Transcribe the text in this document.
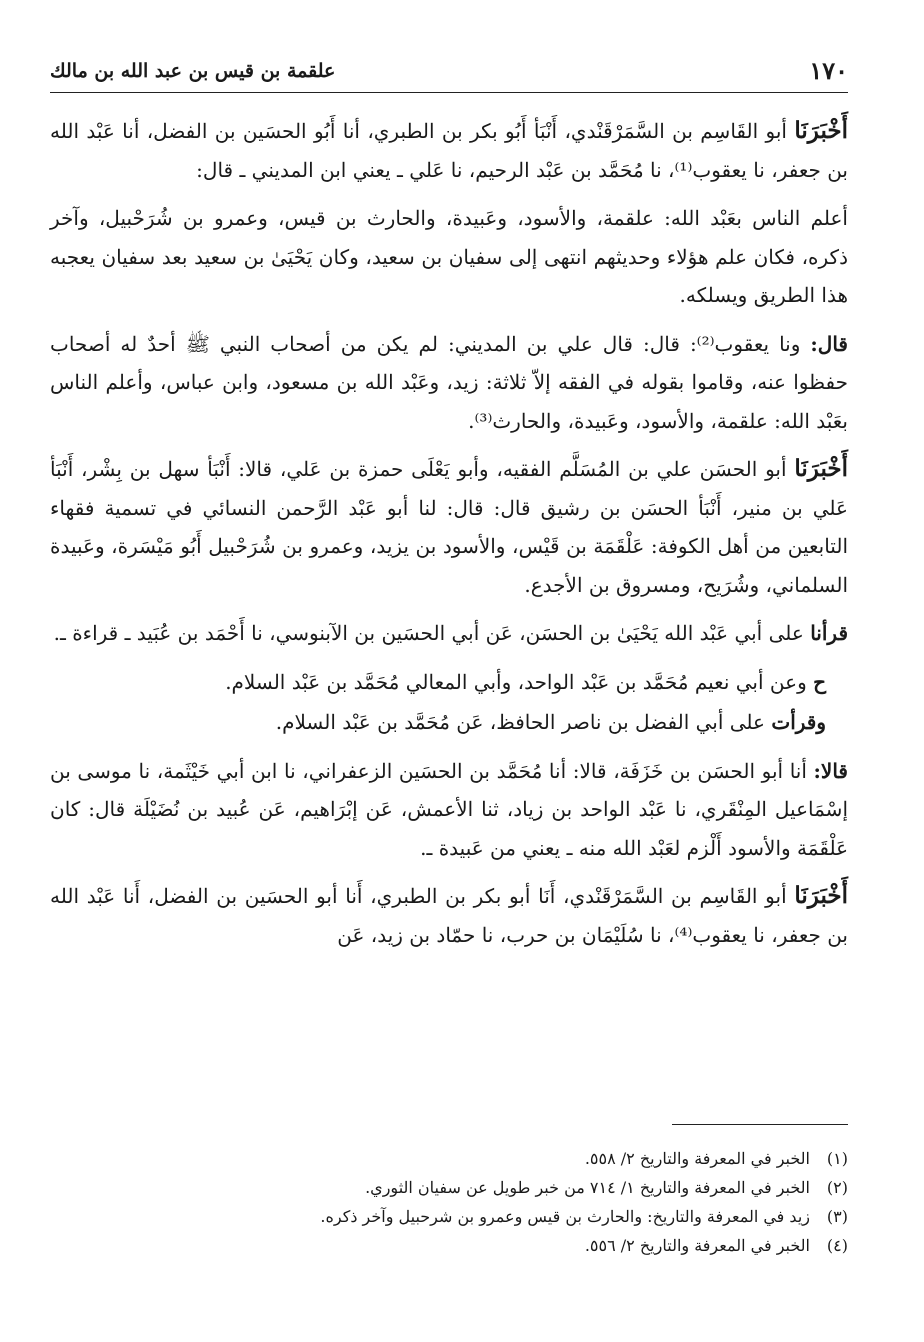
١٧٠
علقمة بن قيس بن عبد الله بن مالك

أَخْبَرَنَا أبو القَاسِم بن السَّمَرْقَنْدي، أَنْبَأ أَبُو بكر بن الطبري، أنا أَبُو الحسَين بن الفضل، أنا عَبْد الله بن جعفر، نا يعقوب⁽¹⁾، نا مُحَمَّد بن عَبْد الرحيم، نا عَلي ـ يعني ابن المديني ـ قال:

أعلم الناس بعَبْد الله: علقمة، والأسود، وعَبيدة، والحارث بن قيس، وعمرو بن شُرَحْبيل، وآخر ذكره، فكان علم هؤلاء وحديثهم انتهى إلى سفيان بن سعيد، وكان يَحْيَىٰ بن سعيد بعد سفيان يعجبه هذا الطريق ويسلكه.

قال: ونا يعقوب⁽²⁾: قال: قال علي بن المديني: لم يكن من أصحاب النبي ﷺ أحدٌ له أصحاب حفظوا عنه، وقاموا بقوله في الفقه إلاّ ثلاثة: زيد، وعَبْد الله بن مسعود، وابن عباس، وأعلم الناس بعَبْد الله: علقمة، والأسود، وعَبيدة، والحارث⁽³⁾.

أَخْبَرَنَا أبو الحسَن علي بن المُسَلَّم الفقيه، وأبو يَعْلَى حمزة بن عَلي، قالا: أَنْبَأ سهل بن بِشْر، أَنْبَأ عَلي بن منير، أَنْبَأ الحسَن بن رشيق قال: قال: لنا أبو عَبْد الرَّحمن النسائي في تسمية فقهاء التابعين من أهل الكوفة: عَلْقَمَة بن قَيْس، والأسود بن يزيد، وعمرو بن شُرَحْبيل أَبُو مَيْسَرة، وعَبيدة السلماني، وشُرَيح، ومسروق بن الأجدع.

قرأنا على أبي عَبْد الله يَحْيَىٰ بن الحسَن، عَن أبي الحسَين بن الآبنوسي، نا أَحْمَد بن عُبَيد ـ قراءة ـ.

ح وعن أبي نعيم مُحَمَّد بن عَبْد الواحد، وأبي المعالي مُحَمَّد بن عَبْد السلام.

وقرأت على أبي الفضل بن ناصر الحافظ، عَن مُحَمَّد بن عَبْد السلام.

قالا: أنا أبو الحسَن بن خَزَفَة، قالا: أنا مُحَمَّد بن الحسَين الزعفراني، نا ابن أبي خَيْثَمة، نا موسى بن إسْمَاعيل المِنْقَري، نا عَبْد الواحد بن زياد، ثنا الأعمش، عَن إبْرَاهيم، عَن عُبيد بن نُضَيْلَة قال: كان عَلْقَمَة والأسود أَلْزم لعَبْد الله منه ـ يعني من عَبيدة ـ.

أَخْبَرَنَا أبو القَاسِم بن السَّمَرْقَنْدي، أَنَا أبو بكر بن الطبري، أَنا أبو الحسَين بن الفضل، أَنا عَبْد الله بن جعفر، نا يعقوب⁽⁴⁾، نا سُلَيْمَان بن حرب، نا حمّاد بن زيد، عَن

(١)الخبر في المعرفة والتاريخ ٢/ ٥٥٨.
(٢)الخبر في المعرفة والتاريخ ١/ ٧١٤ من خبر طويل عن سفيان الثوري.
(٣)زيد في المعرفة والتاريخ: والحارث بن قيس وعمرو بن شرحبيل وآخر ذكره.
(٤)الخبر في المعرفة والتاريخ ٢/ ٥٥٦.
